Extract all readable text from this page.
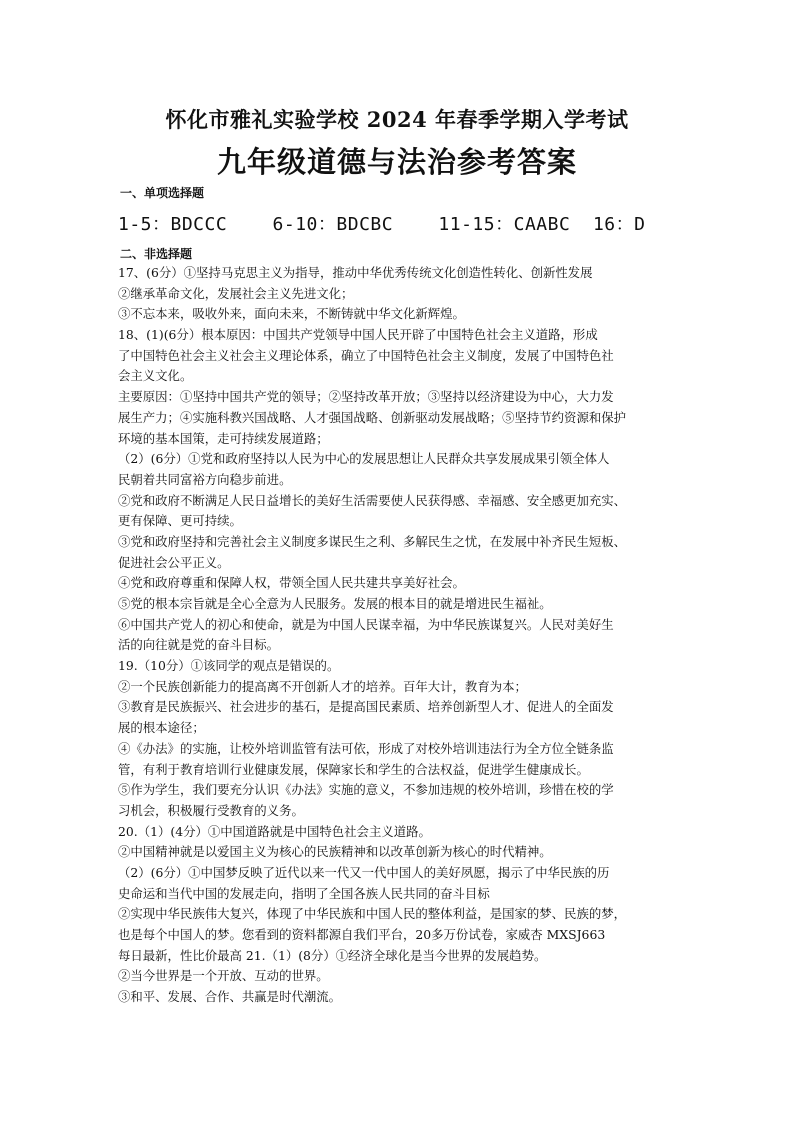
怀化市雅礼实验学校 2024 年春季学期入学考试
九年级道德与法治参考答案
一、单项选择题
1-5：BDCCC    6-10：BDCBC    11-15：CAABC  16：D
二、非选择题
17、(6分）①坚持马克思主义为指导，推动中华优秀传统文化创造性转化、创新性发展
②继承革命文化，发展社会主义先进文化；
③不忘本来，吸收外来，面向未来，不断铸就中华文化新辉煌。
18、(1)(6分）根本原因：中国共产党领导中国人民开辟了中国特色社会主义道路，形成
了中国特色社会主义社会主义理论体系，确立了中国特色社会主义制度，发展了中国特色社
会主义文化。
主要原因：①坚持中国共产党的领导；②坚持改革开放；③坚持以经济建设为中心，大力发
展生产力；④实施科教兴国战略、人才强国战略、创新驱动发展战略；⑤坚持节约资源和保护
环境的基本国策，走可持续发展道路；
（2）(6分）①党和政府坚持以人民为中心的发展思想让人民群众共享发展成果引领全体人
民朝着共同富裕方向稳步前进。
②党和政府不断满足人民日益增长的美好生活需要使人民获得感、幸福感、安全感更加充实、
更有保障、更可持续。
③党和政府坚持和完善社会主义制度多谋民生之利、多解民生之忧，在发展中补齐民生短板、
促进社会公平正义。
④党和政府尊重和保障人权，带领全国人民共建共享美好社会。
⑤党的根本宗旨就是全心全意为人民服务。发展的根本目的就是增进民生福祉。
⑥中国共产党人的初心和使命，就是为中国人民谋幸福，为中华民族谋复兴。人民对美好生
活的向往就是党的奋斗目标。
19.（10分）①该同学的观点是错误的。
②一个民族创新能力的提高离不开创新人才的培养。百年大计，教育为本；
③教育是民族振兴、社会进步的基石，是提高国民素质、培养创新型人才、促进人的全面发
展的根本途径；
④《办法》的实施，让校外培训监管有法可依，形成了对校外培训违法行为全方位全链条监
管，有利于教育培训行业健康发展，保障家长和学生的合法权益，促进学生健康成长。
⑤作为学生，我们要充分认识《办法》实施的意义，不参加违规的校外培训，珍惜在校的学
习机会，积极履行受教育的义务。
20.（1）(4分）①中国道路就是中国特色社会主义道路。
②中国精神就是以爱国主义为核心的民族精神和以改革创新为核心的时代精神。
（2）(6分）①中国梦反映了近代以来一代又一代中国人的美好夙愿，揭示了中华民族的历
史命运和当代中国的发展走向，指明了全国各族人民共同的奋斗目标
②实现中华民族伟大复兴，体现了中华民族和中国人民的整体利益，是国家的梦、民族的梦，
也是每个中国人的梦。您看到的资料都源自我们平台，20多万份试卷，家威杏 MXSJ663
每日最新，性比价最高 21.（1）(8分）①经济全球化是当今世界的发展趋势。
②当今世界是一个开放、互动的世界。
③和平、发展、合作、共赢是时代潮流。
